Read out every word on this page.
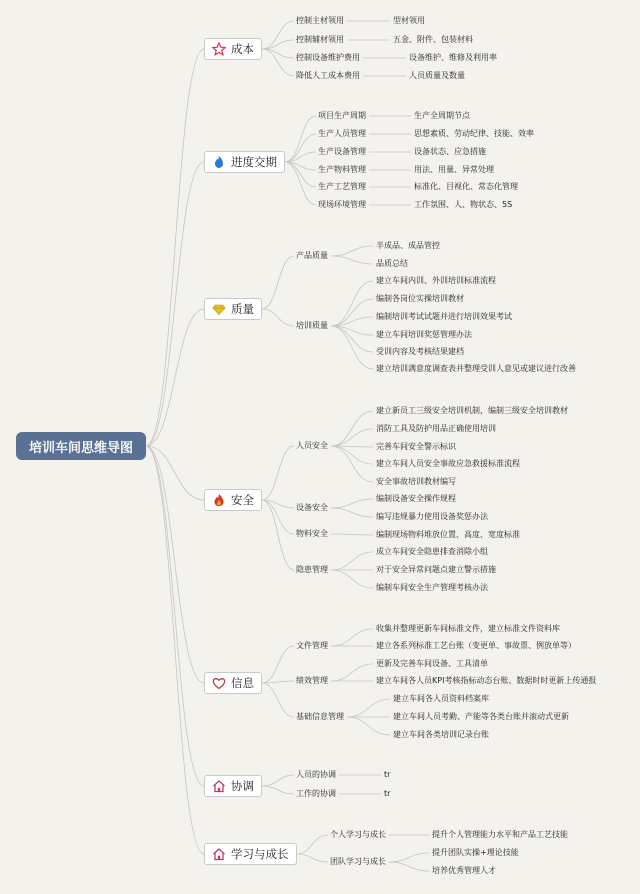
培训车间思维导图
成本
进度交期
质量
安全
信息
协调
学习与成长
控制主材领用	型材领用
控制辅材领用	五金、附件、包装材料
控制设备维护费用	设备维护、维修及利用率
降低人工成本费用	人员质量及数量
项目生产周期	生产全周期节点
生产人员管理	思想素质、劳动纪律、技能、效率
生产设备管理	设备状态、应急措施
生产物料管理	用法、用量、异常处理
生产工艺管理	标准化、目视化、常态化管理
现场环境管理	工作氛围、人、物状态、5S
产品质量
半成品、成品管控
品质总结
培训质量
建立车间内训、外训培训标准流程
编制各岗位实操培训教材
编制培训考试试题并进行培训效果考试
建立车间培训奖惩管理办法
受训内容及考核结果建档
建立培训满意度调查表并整理受训人意见或建议进行改善
人员安全
建立新员工三级安全培训机制，编制三级安全培训教材
消防工具及防护用品正确使用培训
完善车间安全警示标识
建立车间人员安全事故应急救援标准流程
安全事故培训教材编写
设备安全
编制设备安全操作规程
编写违规暴力使用设备奖惩办法
物料安全	编制现场物料堆放位置、高度、宽度标准
隐患管理
成立车间安全隐患排查消除小组
对于安全异常问题点建立警示措施
编制车间安全生产管理考核办法
文件管理
收集并整理更新车间标准文件，建立标准文件资料库
建立各系列标准工艺台账（变更单、事故票、例放单等）
绩效管理
更新及完善车间设备、工具清单
建立车间各人员KPI考核指标动态台账、数据时时更新上传通报
基础信息管理
建立车间各人员资料档案库
建立车间人员考勤、产能等各类台账并滚动式更新
建立车间各类培训记录台账
人员的协调	tr
工作的协调	tr
个人学习与成长	提升个人管理能力水平和产品工艺技能
团队学习与成长
提升团队实操+理论技能
培养优秀管理人才
